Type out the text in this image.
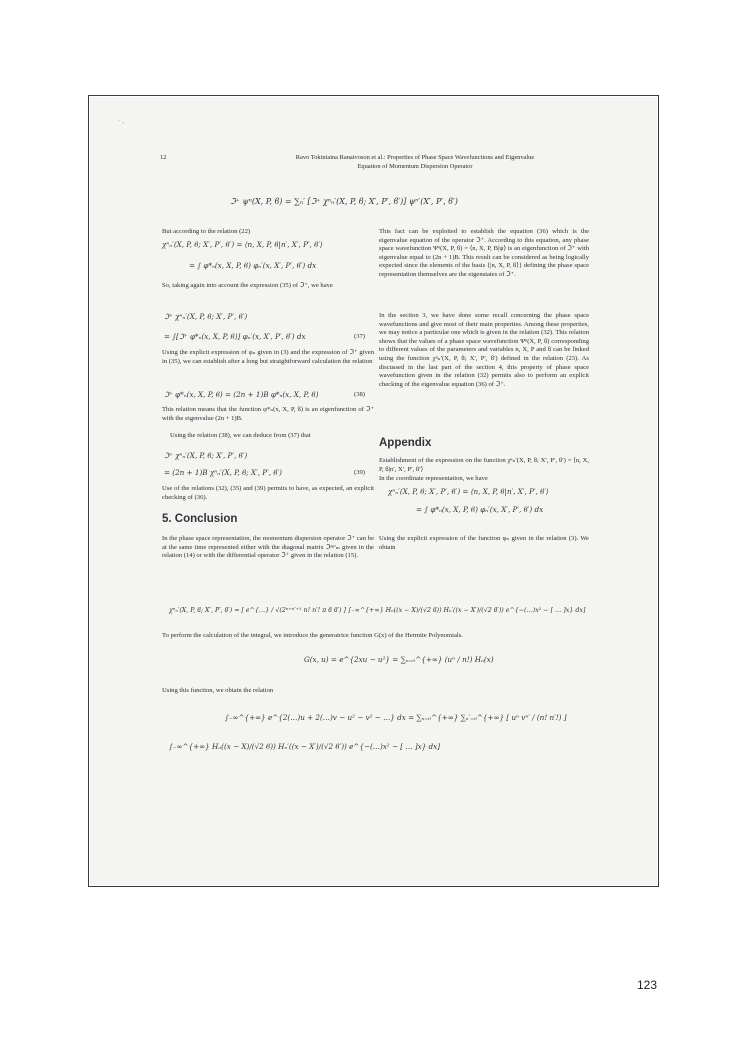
· ,
12	Ravo Tokiniaina Ranaivoson et al.: Properties of Phase Space Wavefunctions and Eigenvalue
Equation of Momentum Dispersion Operator
ℑ⁺ ψⁿ(X, P, ϐ) = ∑ₙ′ [ℑ⁺ χⁿₙ′(X, P, ϐ; X′, P′, ϐ′)] ψⁿ′(X′, P′, ϐ′)
But according to the relation (22)
χⁿₙ′(X, P, ϐ; X′, P′, ϐ′) = ⟨n, X, P, ϐ|n′, X′, P′, ϐ′⟩
= ∫ φ*ₙ(x, X, P, ϐ) φₙ′(x, X′, P′, ϐ′) dx
So, taking again into account the expression (35) of ℑ⁺, we have
ℑ⁺ χⁿₙ′(X, P, ϐ; X′, P′, ϐ′)
= ∫[ℑ⁺ φ*ₙ(x, X, P, ϐ)] φₙ′(x, X′, P′, ϐ′) dx	(37)
Using the explicit expression of φₙ given in (3) and the expression of ℑ⁺ given in (35), we can establish after a long but straightforward calculation the relation
ℑ⁺ φ*ₙ(x, X, P, ϐ) = (2n + 1)B φ*ₙ(x, X, P, ϐ)	(38)
This relation means that the function φ*ₙ(x, X, P, ϐ) is an eigenfunction of ℑ⁺ with the eigenvalue (2n + 1)B.
Using the relation (38), we can deduce from (37) that
ℑ⁺ χⁿₙ′(X, P, ϐ; X′, P′, ϐ′)
= (2n + 1)B χⁿₙ′(X, P, ϐ; X′, P′, ϐ′)	(39)
Use of the relations (32), (35) and (39) permits to have, as expected, an explicit checking of (36).
5. Conclusion
In the phase space representation, the momentum dispersion operator ℑ⁺ can be at the same time represented either with the diagonal matrix ℑⁿⁿ′ₘ given in the relation (14) or with the differential operator ℑ⁺ given in the relation (15).
This fact can be exploited to establish the equation (36) which is the eigenvalue equation of the operator ℑ⁺. According to this equation, any phase space wavefunction Ψⁿ(X, P, ϐ) = ⟨n, X, P, B|ψ⟩ is an eigenfunction of ℑ⁺ with eigenvalue equal to (2n + 1)B. This result can be considered as being logically expected since the elements of the basis {|n, X, P, ϐ⟩} defining the phase space representation themselves are the eigenstates of ℑ⁺.
In the section 3, we have done some recall concerning the phase space wavefunctions and give most of their main properties. Among these properties, we may notice a particular one which is given in the relation (32). This relation shows that the values of a phase space wavefunction Ψⁿ(X, P, ϐ) corresponding to different values of the parameters and variables n, X, P and ϐ can be linked using the function χⁿₙ′(X, P, ϐ; X′, P′, ϐ′) defined in the relation (23). As discussed in the last part of the section 4, this property of phase space wavefunction given in the relation (32) permits also to perform an explicit checking of the eigenvalue equation (36) of ℑ⁺.
Appendix
Establishment of the expression on the function χⁿₙ′(X, P, ϐ; X′, P′, ϐ′) = ⟨n, X, P, ϐ|n′, X′, P′, ϐ′⟩
In the coordinate representation, we have
χⁿₙ′(X, P, ϐ; X′, P′, ϐ′) = ⟨n, X, P, ϐ|n′, X′, P′, ϐ′⟩
= ∫ φ*ₙ(x, X, P, ϐ) φₙ′(x, X′, P′, ϐ′) dx
Using the explicit expression of the function φₙ given in the relation (3). We obtain
χⁿₙ′(X, P, ϐ; X′, P′, ϐ′) = [ e^{…} / √(2ⁿ⁺ⁿ′⁺¹ n! n′! π ϐ ϐ′) ] ∫₋∞^{+∞} Hₙ((x − X)/(√2 ϐ)) Hₙ′((x − X′)/(√2 ϐ′)) e^{−(…)x² − [ … ]x} dx]
To perform the calculation of the integral, we introduce the generatrice function G(x) of the Hermite Polynomials.
G(x, u) = e^{2xu − u²} = ∑ₙ₌₀^{+∞} (uⁿ / n!) Hₙ(x)
Using this function, we obtain the relation
∫₋∞^{+∞} e^{2(…)u + 2(…)v − u² − v² − …} dx = ∑ₙ₌₀^{+∞} ∑ₙ′₌₀^{+∞} [ uⁿ vⁿ′ / (n! n′!) ]
∫₋∞^{+∞} Hₙ((x − X)/(√2 ϐ)) Hₙ′((x − X′)/(√2 ϐ′)) e^{−(…)x² − [ … ]x} dx]
123
